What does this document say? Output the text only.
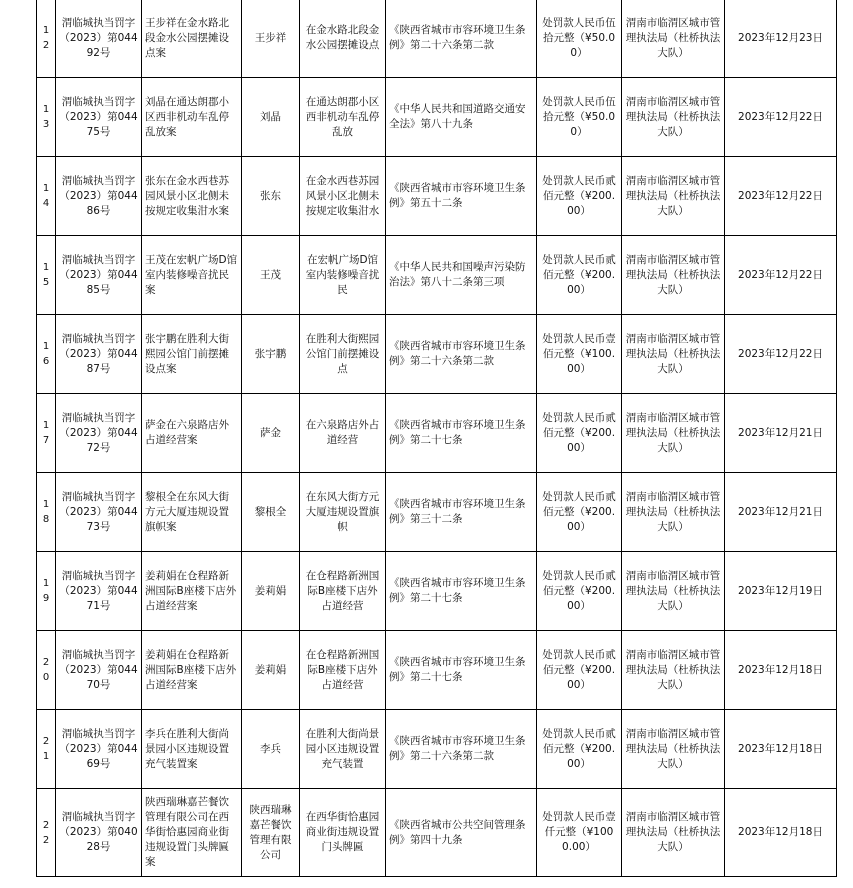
12	渭临城执当罚字（2023）第04492号	王步祥在金水路北段金水公园摆摊设点案	王步祥	在金水路北段金水公园摆摊设点	《陕西省城市市容环境卫生条例》第二十六条第二款	处罚款人民币伍拾元整（¥50.00）	渭南市临渭区城市管理执法局（杜桥执法大队）	2023年12月23日
13	渭临城执当罚字（2023）第04475号	刘晶在通达朗郡小区西非机动车乱停乱放案	刘晶	在通达朗郡小区西非机动车乱停乱放	《中华人民共和国道路交通安全法》第八十九条	处罚款人民币伍拾元整（¥50.00）	渭南市临渭区城市管理执法局（杜桥执法大队）	2023年12月22日
14	渭临城执当罚字（2023）第04486号	张东在金水西巷苏园风景小区北侧未按规定收集泔水案	张东	在金水西巷苏园风景小区北侧未按规定收集泔水	《陕西省城市市容环境卫生条例》第五十二条	处罚款人民币贰佰元整（¥200.00）	渭南市临渭区城市管理执法局（杜桥执法大队）	2023年12月22日
15	渭临城执当罚字（2023）第04485号	王茂在宏帆广场D馆室内装修噪音扰民案	王茂	在宏帆广场D馆室内装修噪音扰民	《中华人民共和国噪声污染防治法》第八十二条第三项	处罚款人民币贰佰元整（¥200.00）	渭南市临渭区城市管理执法局（杜桥执法大队）	2023年12月22日
16	渭临城执当罚字（2023）第04487号	张宇鹏在胜利大街熙园公馆门前摆摊设点案	张宇鹏	在胜利大街熙园公馆门前摆摊设点	《陕西省城市市容环境卫生条例》第二十六条第二款	处罚款人民币壹佰元整（¥100.00）	渭南市临渭区城市管理执法局（杜桥执法大队）	2023年12月22日
17	渭临城执当罚字（2023）第04472号	萨金在六泉路店外占道经营案	萨金	在六泉路店外占道经营	《陕西省城市市容环境卫生条例》第二十七条	处罚款人民币贰佰元整（¥200.00）	渭南市临渭区城市管理执法局（杜桥执法大队）	2023年12月21日
18	渭临城执当罚字（2023）第04473号	黎根全在东风大街方元大厦违规设置旗帜案	黎根全	在东风大街方元大厦违规设置旗帜	《陕西省城市市容环境卫生条例》第三十二条	处罚款人民币贰佰元整（¥200.00）	渭南市临渭区城市管理执法局（杜桥执法大队）	2023年12月21日
19	渭临城执当罚字（2023）第04471号	姜莉娟在仓程路新洲国际B座楼下店外占道经营案	姜莉娟	在仓程路新洲国际B座楼下店外占道经营	《陕西省城市市容环境卫生条例》第二十七条	处罚款人民币贰佰元整（¥200.00）	渭南市临渭区城市管理执法局（杜桥执法大队）	2023年12月19日
20	渭临城执当罚字（2023）第04470号	姜莉娟在仓程路新洲国际B座楼下店外占道经营案	姜莉娟	在仓程路新洲国际B座楼下店外占道经营	《陕西省城市市容环境卫生条例》第二十七条	处罚款人民币贰佰元整（¥200.00）	渭南市临渭区城市管理执法局（杜桥执法大队）	2023年12月18日
21	渭临城执当罚字（2023）第04469号	李兵在胜利大街尚景园小区违规设置充气装置案	李兵	在胜利大街尚景园小区违规设置充气装置	《陕西省城市市容环境卫生条例》第二十六条第二款	处罚款人民币贰佰元整（¥200.00）	渭南市临渭区城市管理执法局（杜桥执法大队）	2023年12月18日
22	渭临城执当罚字（2023）第04028号	陕西瑞琳嘉芒餐饮管理有限公司在西华街恰惠园商业街违规设置门头牌匾案	陕西瑞琳嘉芒餐饮管理有限公司	在西华街恰惠园商业街违规设置门头牌匾	《陕西省城市公共空间管理条例》第四十九条	处罚款人民币壹仟元整（¥1000.00）	渭南市临渭区城市管理执法局（杜桥执法大队）	2023年12月18日
